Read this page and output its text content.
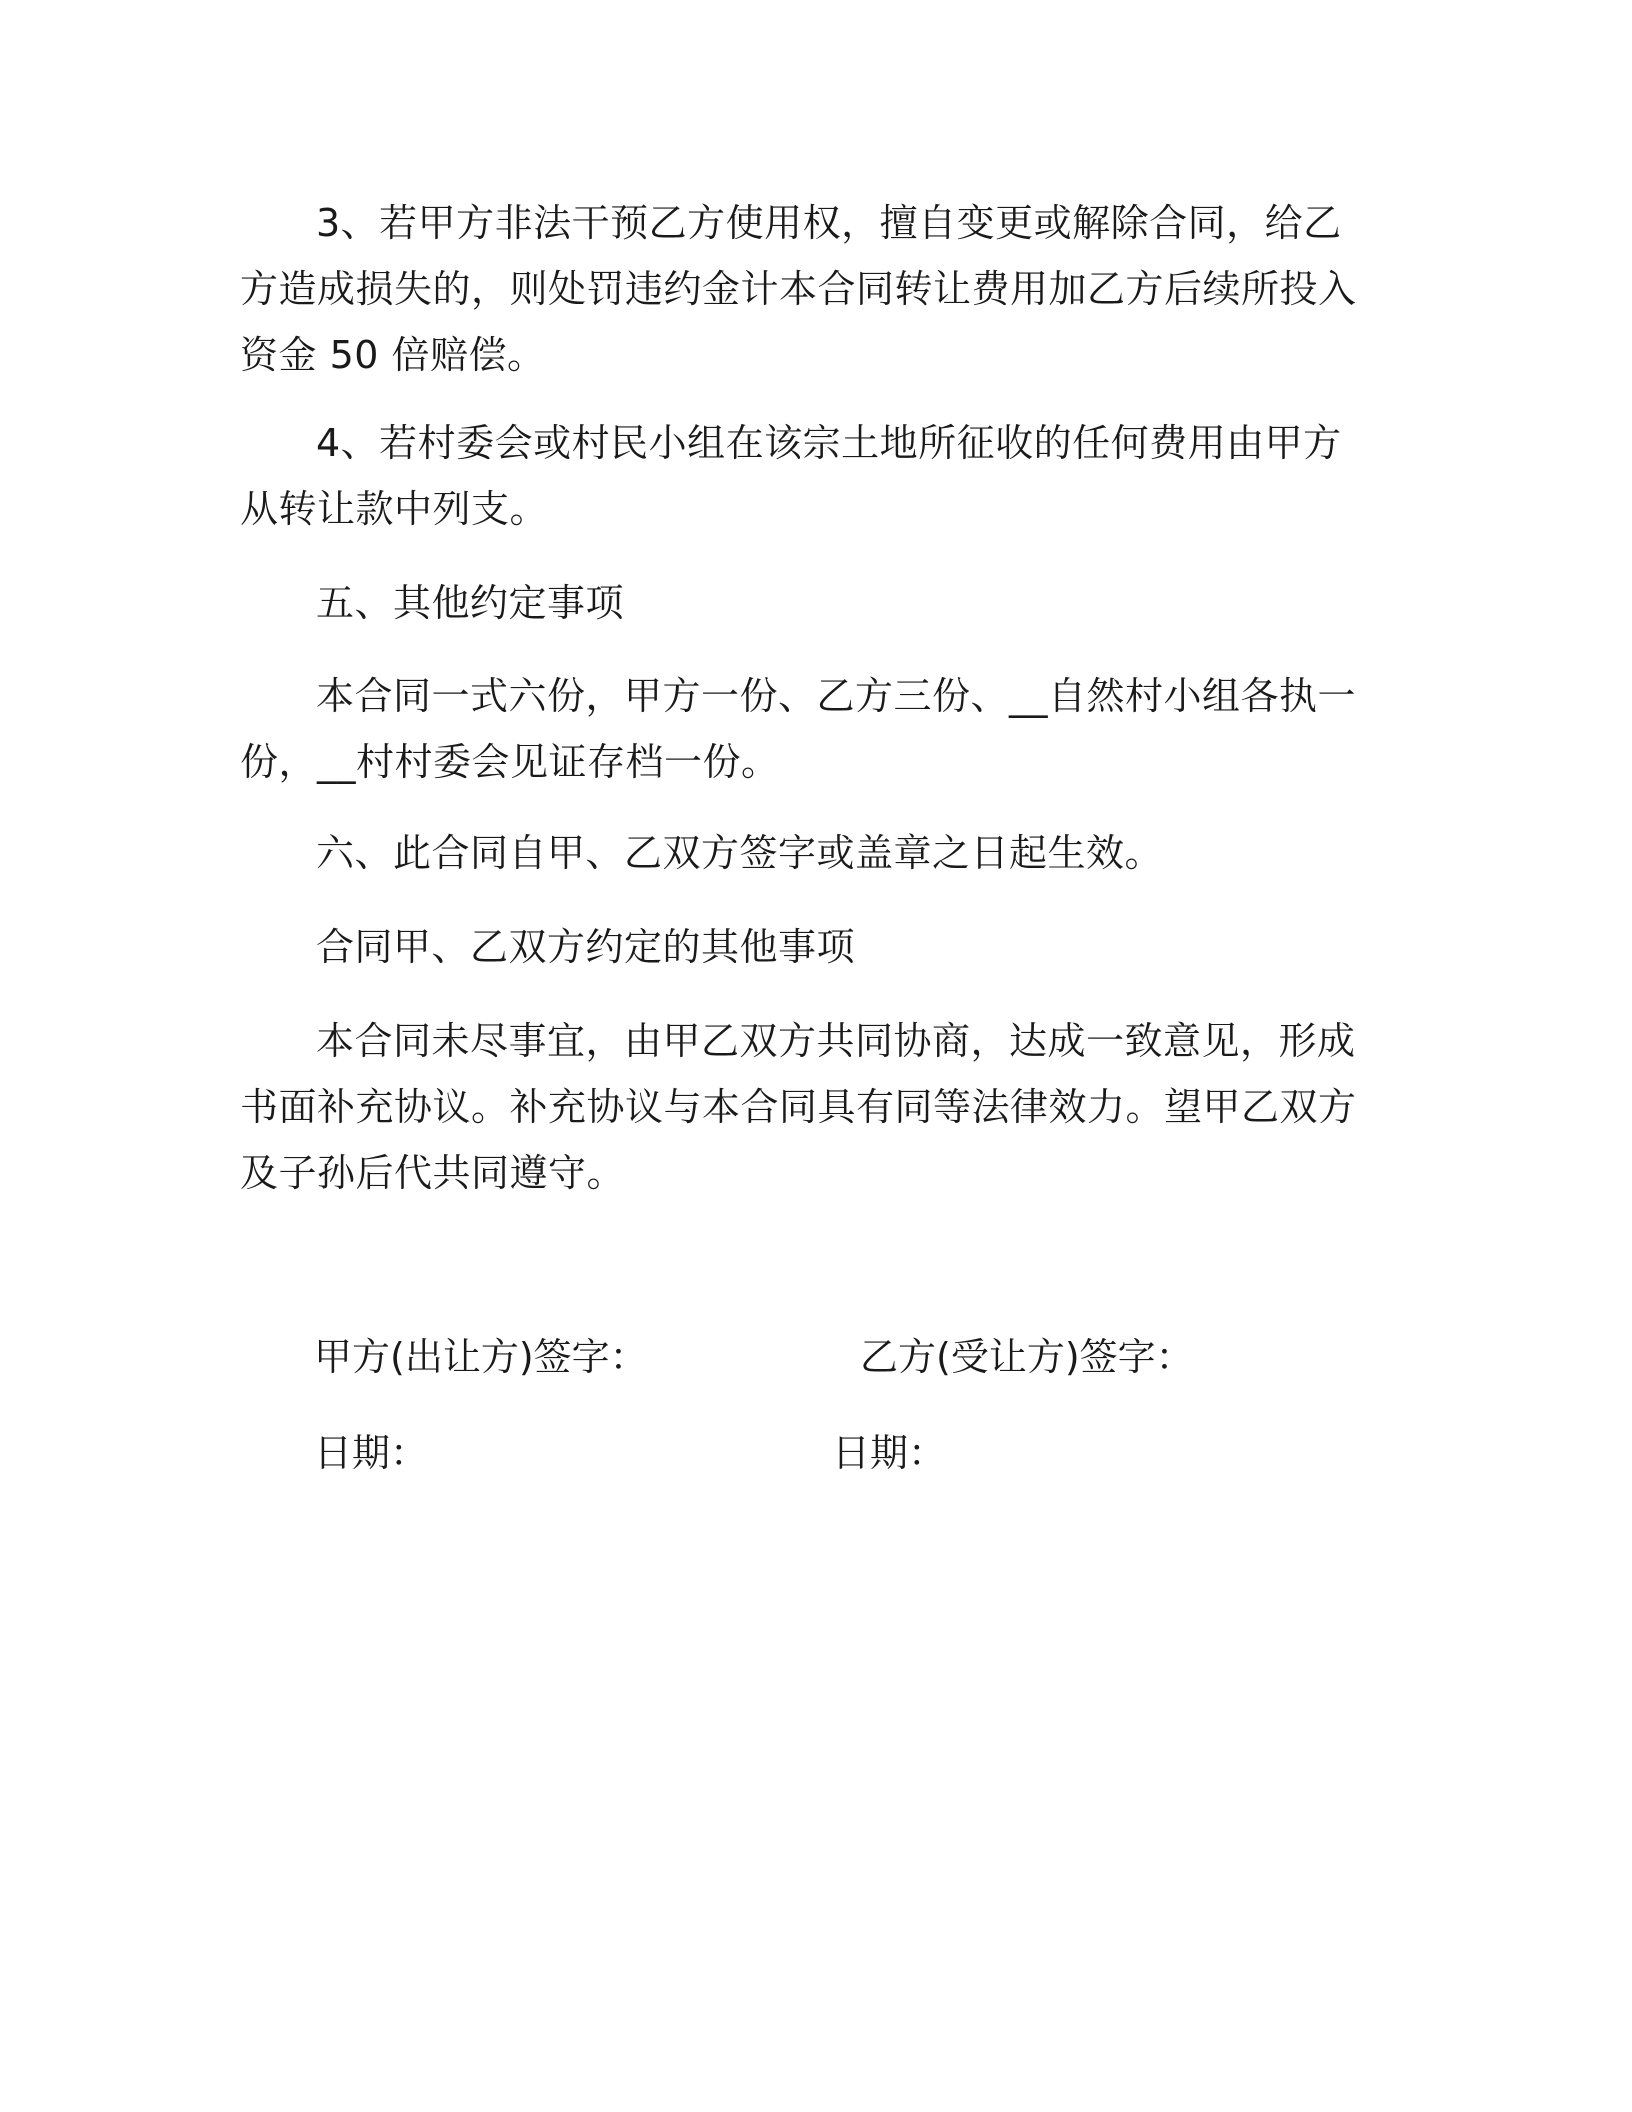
3、若甲方非法干预乙方使用权，擅自变更或解除合同，给乙方造成损失的，则处罚违约金计本合同转让费用加乙方后续所投入资金 50 倍赔偿。

4、若村委会或村民小组在该宗土地所征收的任何费用由甲方从转让款中列支。

五、其他约定事项

本合同一式六份，甲方一份、乙方三份、__自然村小组各执一份，__村村委会见证存档一份。

六、此合同自甲、乙双方签字或盖章之日起生效。

合同甲、乙双方约定的其他事项

本合同未尽事宜，由甲乙双方共同协商，达成一致意见，形成书面补充协议。补充协议与本合同具有同等法律效力。望甲乙双方及子孙后代共同遵守。

甲方(出让方)签字：	乙方(受让方)签字：

日期：	日期：
